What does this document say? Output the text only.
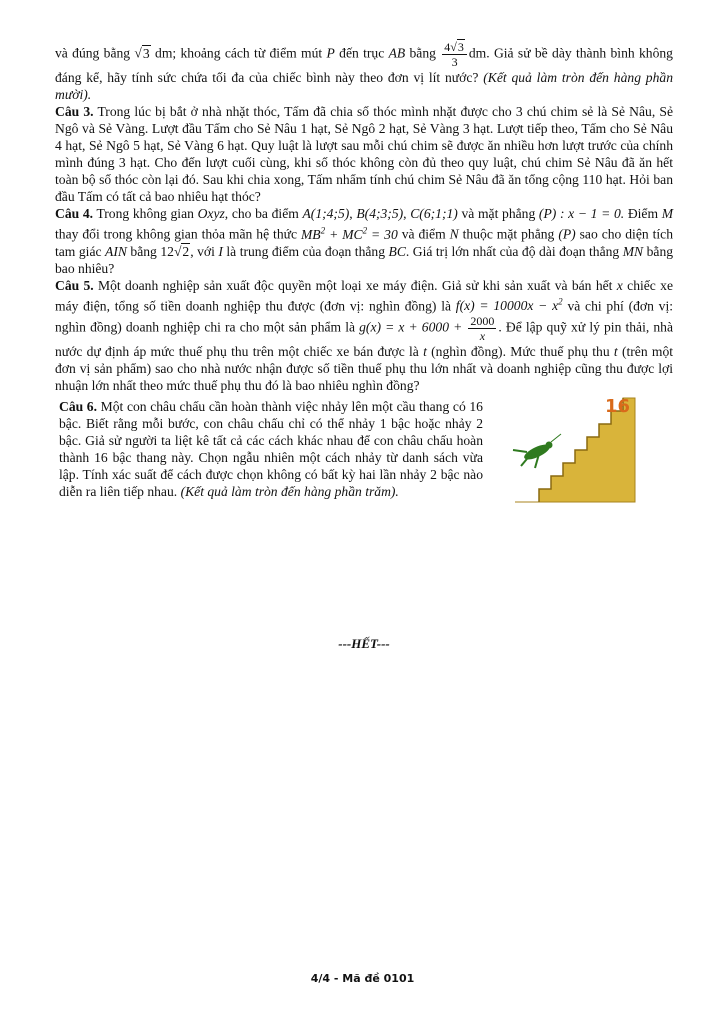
và đúng bằng √3 dm; khoảng cách từ điểm mút P đến trục AB bằng $\frac{4√3}{3}$ dm. Giả sử bề dày thành bình không đáng kể, hãy tính sức chứa tối đa của chiếc bình này theo đơn vị lít nước? (Kết quả làm tròn đến hàng phần mười).

Câu 3. Trong lúc bị bắt ở nhà nhặt thóc, Tấm đã chia số thóc mình nhặt được cho 3 chú chim sẻ là Sẻ Nâu, Sẻ Ngô và Sẻ Vàng. Lượt đầu Tấm cho Sẻ Nâu 1 hạt, Sẻ Ngô 2 hạt, Sẻ Vàng 3 hạt. Lượt tiếp theo, Tấm cho Sẻ Nâu 4 hạt, Sẻ Ngô 5 hạt, Sẻ Vàng 6 hạt. Quy luật là lượt sau mỗi chú chim sẽ được ăn nhiều hơn lượt trước của chính mình đúng 3 hạt. Cho đến lượt cuối cùng, khi số thóc không còn đủ theo quy luật, chú chim Sẻ Nâu đã ăn hết toàn bộ số thóc còn lại đó. Sau khi chia xong, Tấm nhẩm tính chú chim Sẻ Nâu đã ăn tổng cộng 110 hạt. Hỏi ban đầu Tấm có tất cả bao nhiêu hạt thóc?

Câu 4. Trong không gian Oxyz, cho ba điểm A(1;4;5), B(4;3;5), C(6;1;1) và mặt phẳng (P) : x − 1 = 0. Điểm M thay đổi trong không gian thỏa mãn hệ thức $MB^2 + MC^2 = 30$ và điểm N thuộc mặt phẳng (P) sao cho diện tích tam giác AIN bằng 12√2, với I là trung điểm của đoạn thẳng BC. Giá trị lớn nhất của độ dài đoạn thẳng MN bằng bao nhiêu?

Câu 5. Một doanh nghiệp sản xuất độc quyền một loại xe máy điện. Giả sử khi sản xuất và bán hết x chiếc xe máy điện, tổng số tiền doanh nghiệp thu được (đơn vị: nghìn đồng) là $f(x) = 10000x - x^2$ và chi phí (đơn vị: nghìn đồng) doanh nghiệp chi ra cho một sản phẩm là $g(x) = x + 6000 + \frac{2000}{x}$ . Để lập quỹ xử lý pin thải, nhà nước dự định áp mức thuế phụ thu trên một chiếc xe bán được là t (nghìn đồng). Mức thuế phụ thu t (trên một đơn vị sản phẩm) sao cho nhà nước nhận được số tiền thuế phụ thu lớn nhất và doanh nghiệp cũng thu được lợi nhuận lớn nhất theo mức thuế phụ thu đó là bao nhiêu nghìn đồng?

Câu 6. Một con châu chấu cần hoàn thành việc nhảy lên một cầu thang có 16 bậc. Biết rằng mỗi bước, con châu chấu chỉ có thể nhảy 1 bậc hoặc nhảy 2 bậc. Giả sử người ta liệt kê tất cả các cách khác nhau để con châu chấu hoàn thành 16 bậc thang này. Chọn ngẫu nhiên một cách nhảy từ danh sách vừa lập. Tính xác suất để cách được chọn không có bất kỳ hai lần nhảy 2 bậc nào diễn ra liên tiếp nhau. (Kết quả làm tròn đến hàng phần trăm).

16
---HẾT---
4/4 - Mã đề 0101
